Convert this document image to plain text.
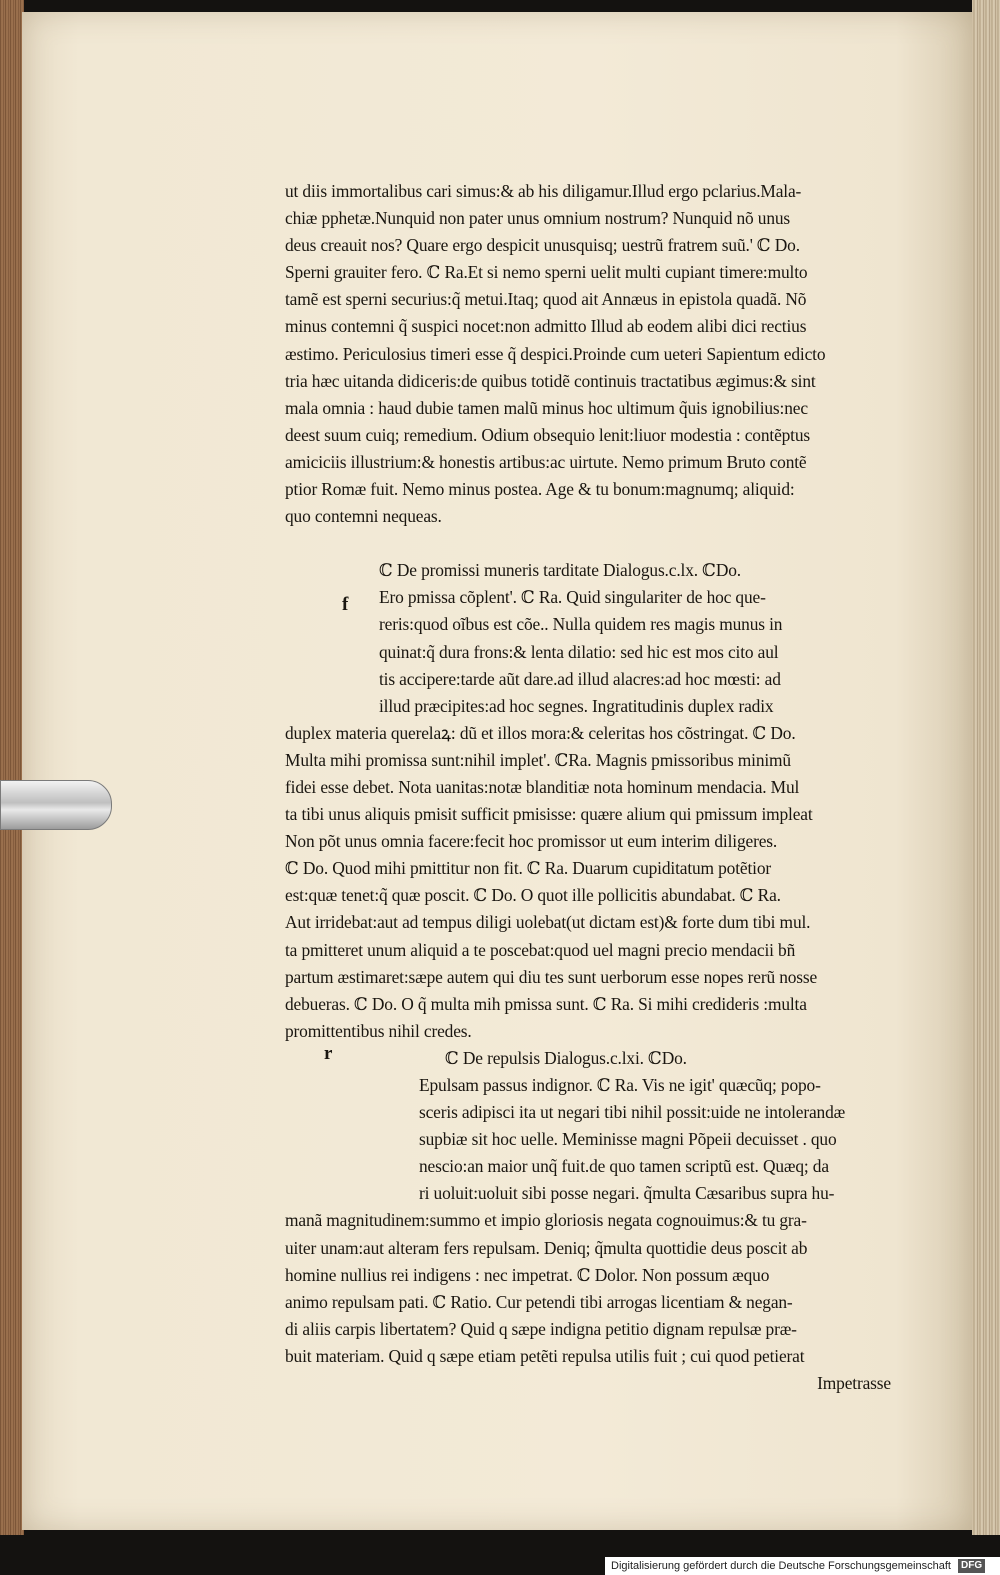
ut diis immortalibus cari simus:& ab his diligamur.Illud ergo pclarius.Mala-
chiæ pphetæ.Nunquid non pater unus omnium nostrum? Nunquid nõ unus
deus creauit nos? Quare ergo despicit unusquisq; uestrũ fratrem suũ.' ℂ Do.
Sperni grauiter fero. ℂ Ra.Et si nemo sperni uelit multi cupiant timere:multo
tamẽ est sperni securius:q̃ metui.Itaq; quod ait Annæus in epistola quadã. Nõ
minus contemni q̃ suspici nocet:non admitto Illud ab eodem alibi dici rectius
æstimo. Periculosius timeri esse q̃ despici.Proinde cum ueteri Sapientum edicto
tria hæc uitanda didiceris:de quibus totidẽ continuis tractatibus ægimus:& sint
mala omnia : haud dubie tamen malũ minus hoc ultimum q̃uis ignobilius:nec
deest suum cuiq; remedium. Odium obsequio lenit:liuor modestia : contẽptus
amiciciis illustrium:& honestis artibus:ac uirtute. Nemo primum Bruto contẽ
ptior Romæ fuit. Nemo minus postea. Age & tu bonum:magnumq; aliquid:
quo contemni nequeas.
ℂ De promissi muneris tarditate Dialogus.c.lx. ℂDo.
Ero pmissa cõplent'. ℂ Ra. Quid singulariter de hoc que-
reris:quod oĩbus est cõe.. Nulla quidem res magis munus in
quinat:q̃ dura frons:& lenta dilatio: sed hic est mos cito aul
tis accipere:tarde aũt dare.ad illud alacres:ad hoc mœsti: ad
illud præcipites:ad hoc segnes. Ingratitudinis duplex radix
duplex materia querelaꝝ: dũ et illos mora:& celeritas hos cõstringat. ℂ Do.
Multa mihi promissa sunt:nihil implet'. ℂRa. Magnis pmissoribus minimũ
fidei esse debet. Nota uanitas:notæ blanditiæ nota hominum mendacia. Mul
ta tibi unus aliquis pmisit sufficit pmisisse: quære alium qui pmissum impleat
Non põt unus omnia facere:fecit hoc promissor ut eum interim diligeres.
ℂ Do. Quod mihi pmittitur non fit. ℂ Ra. Duarum cupiditatum potẽtior
est:quæ tenet:q̃ quæ poscit. ℂ Do. O quot ille pollicitis abundabat. ℂ Ra.
Aut irridebat:aut ad tempus diligi uolebat(ut dictam est)& forte dum tibi mul.
ta pmitteret unum aliquid a te poscebat:quod uel magni precio mendacii bñ
partum æstimaret:sæpe autem qui diu tes sunt uerborum esse nopes rerũ nosse
debueras. ℂ Do. O q̃ multa mih pmissa sunt. ℂ Ra. Si mihi credideris :multa
promittentibus nihil credes.
ℂ De repulsis Dialogus.c.lxi. ℂDo.
Epulsam passus indignor. ℂ Ra. Vis ne igit' quæcũq; popo-
sceris adipisci ita ut negari tibi nihil possit:uide ne intolerandæ
supbiæ sit hoc uelle. Meminisse magni Põpeii decuisset . quo
nescio:an maior unq̃ fuit.de quo tamen scriptũ est. Quæq; da
ri uoluit:uoluit sibi posse negari. q̃multa Cæsaribus supra hu-
manã magnitudinem:summo et impio gloriosis negata cognouimus:& tu gra-
uiter unam:aut alteram fers repulsam. Deniq; q̃multa quottidie deus poscit ab
homine nullius rei indigens : nec impetrat. ℂ Dolor. Non possum æquo
animo repulsam pati. ℂ Ratio. Cur petendi tibi arrogas licentiam & negan-
di aliis carpis libertatem? Quid q sæpe indigna petitio dignam repulsæ præ-
buit materiam. Quid q sæpe etiam petẽti repulsa utilis fuit ; cui quod petierat
Impetrasse
f
r
Digitalisierung gefördert durch die Deutsche Forschungsgemeinschaft DFG
